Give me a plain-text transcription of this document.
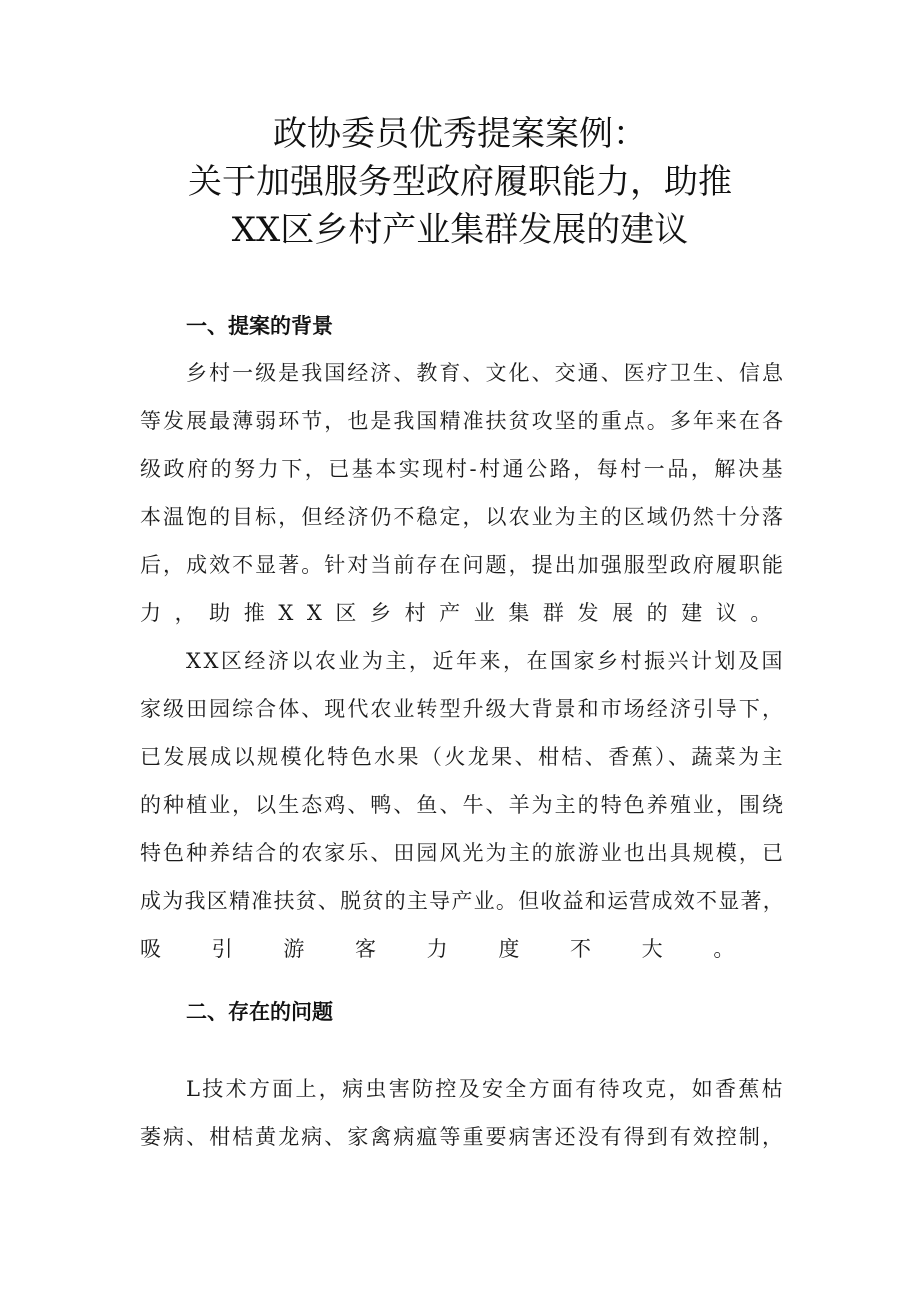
政协委员优秀提案案例：
关于加强服务型政府履职能力，助推
XX区乡村产业集群发展的建议
一、提案的背景
乡村一级是我国经济、教育、文化、交通、医疗卫生、信息
等发展最薄弱环节，也是我国精准扶贫攻坚的重点。多年来在各
级政府的努力下，已基本实现村-村通公路，每村一品，解决基
本温饱的目标，但经济仍不稳定，以农业为主的区域仍然十分落
后，成效不显著。针对当前存在问题，提出加强服型政府履职能
力，助推XX区乡村产业集群发展的建议。
XX区经济以农业为主，近年来，在国家乡村振兴计划及国
家级田园综合体、现代农业转型升级大背景和市场经济引导下，
已发展成以规模化特色水果（火龙果、柑桔、香蕉）、蔬菜为主
的种植业，以生态鸡、鸭、鱼、牛、羊为主的特色养殖业，围绕
特色种养结合的农家乐、田园风光为主的旅游业也出具规模，已
成为我区精准扶贫、脱贫的主导产业。但收益和运营成效不显著，
吸引游客力度不大。
二、存在的问题
L技术方面上，病虫害防控及安全方面有待攻克，如香蕉枯
萎病、柑桔黄龙病、家禽病瘟等重要病害还没有得到有效控制，
